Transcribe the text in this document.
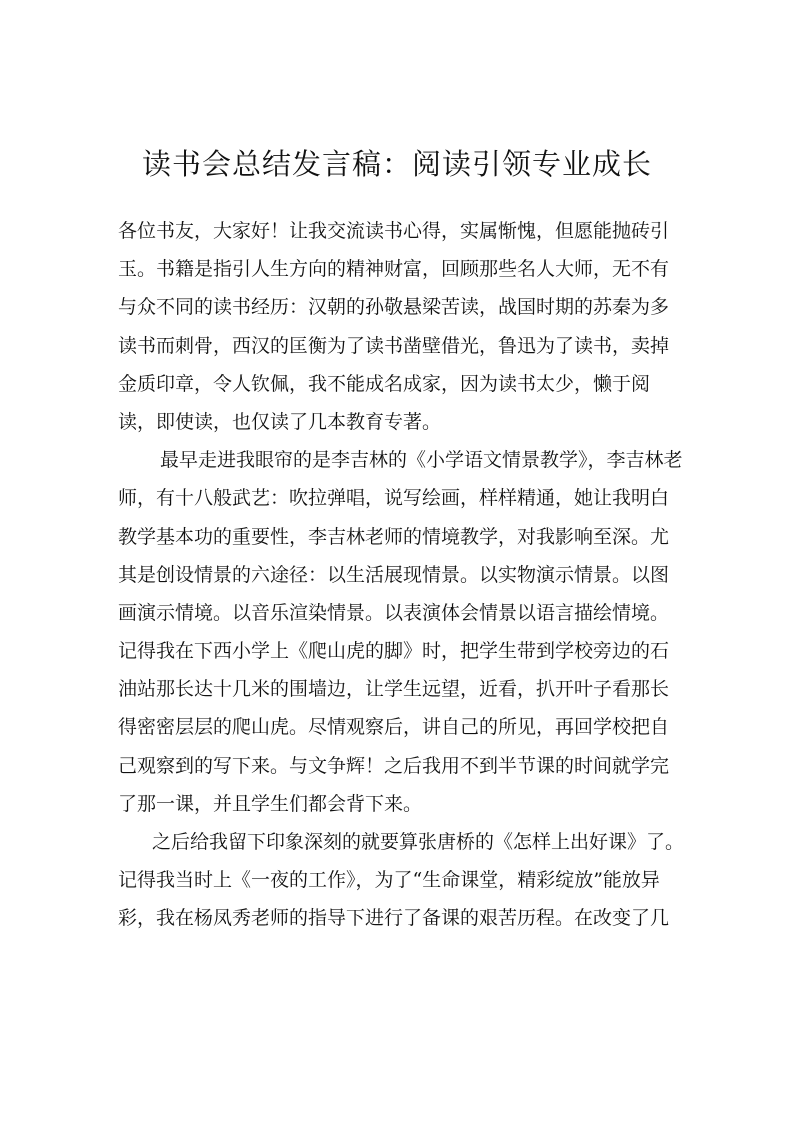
读书会总结发言稿：阅读引领专业成长
各位书友，大家好！让我交流读书心得，实属惭愧，但愿能抛砖引
玉。书籍是指引人生方向的精神财富，回顾那些名人大师，无不有
与众不同的读书经历：汉朝的孙敬悬梁苦读，战国时期的苏秦为多
读书而刺骨，西汉的匡衡为了读书凿壁借光，鲁迅为了读书，卖掉
金质印章，令人钦佩，我不能成名成家，因为读书太少，懒于阅
读，即使读，也仅读了几本教育专著。
最早走进我眼帘的是李吉林的《小学语文情景教学》，李吉林老
师，有十八般武艺：吹拉弹唱，说写绘画，样样精通，她让我明白
教学基本功的重要性，李吉林老师的情境教学，对我影响至深。尤
其是创设情景的六途径：以生活展现情景。以实物演示情景。以图
画演示情境。以音乐渲染情景。以表演体会情景以语言描绘情境。
记得我在下西小学上《爬山虎的脚》时，把学生带到学校旁边的石
油站那长达十几米的围墙边，让学生远望，近看，扒开叶子看那长
得密密层层的爬山虎。尽情观察后，讲自己的所见，再回学校把自
己观察到的写下来。与文争辉！之后我用不到半节课的时间就学完
了那一课，并且学生们都会背下来。
之后给我留下印象深刻的就要算张唐桥的《怎样上出好课》了。
记得我当时上《一夜的工作》，为了“生命课堂，精彩绽放”能放异
彩，我在杨凤秀老师的指导下进行了备课的艰苦历程。在改变了几
